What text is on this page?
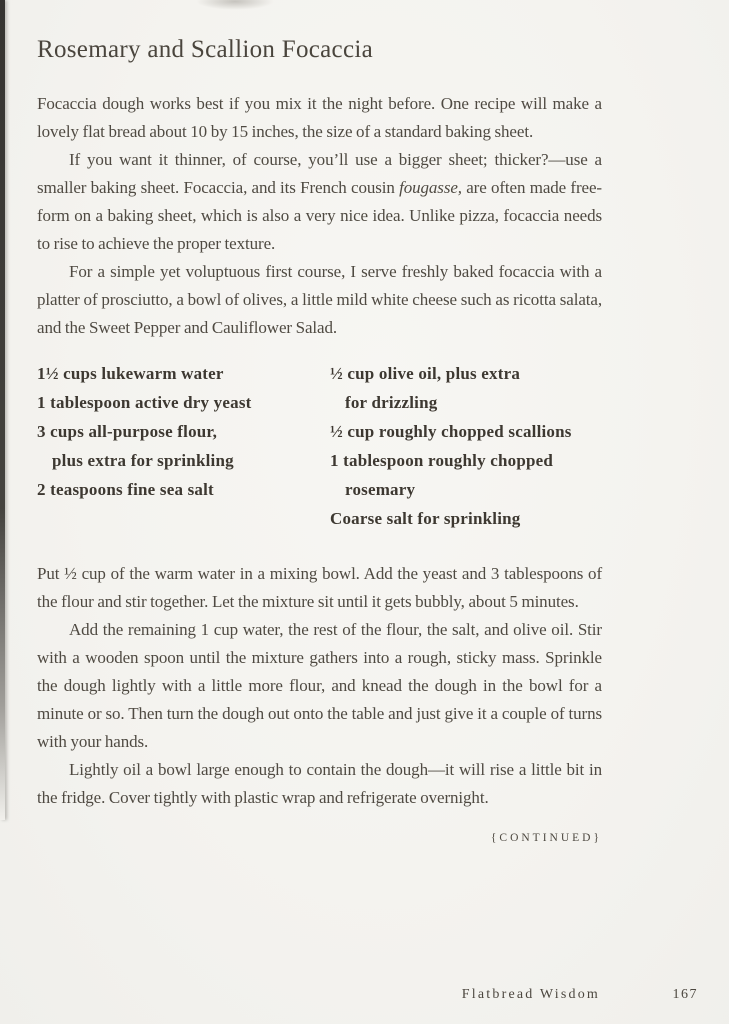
Rosemary and Scallion Focaccia

Focaccia dough works best if you mix it the night before. One recipe will make a lovely flat bread about 10 by 15 inches, the size of a standard baking sheet.

If you want it thinner, of course, you’ll use a bigger sheet; thicker?—use a smaller baking sheet. Focaccia, and its French cousin fougasse, are often made free-form on a baking sheet, which is also a very nice idea. Unlike pizza, focaccia needs to rise to achieve the proper texture.

For a simple yet voluptuous first course, I serve freshly baked focaccia with a platter of prosciutto, a bowl of olives, a little mild white cheese such as ricotta salata, and the Sweet Pepper and Cauliflower Salad.

1½ cups lukewarm water
1 tablespoon active dry yeast
3 cups all-purpose flour,
plus extra for sprinkling
2 teaspoons fine sea salt
½ cup olive oil, plus extra
for drizzling
½ cup roughly chopped scallions
1 tablespoon roughly chopped
rosemary
Coarse salt for sprinkling

Put ½ cup of the warm water in a mixing bowl. Add the yeast and 3 tablespoons of the flour and stir together. Let the mixture sit until it gets bubbly, about 5 minutes.

Add the remaining 1 cup water, the rest of the flour, the salt, and olive oil. Stir with a wooden spoon until the mixture gathers into a rough, sticky mass. Sprinkle the dough lightly with a little more flour, and knead the dough in the bowl for a minute or so. Then turn the dough out onto the table and just give it a couple of turns with your hands.

Lightly oil a bowl large enough to contain the dough—it will rise a little bit in the fridge. Cover tightly with plastic wrap and refrigerate overnight.

{CONTINUED}
Flatbread Wisdom	167
